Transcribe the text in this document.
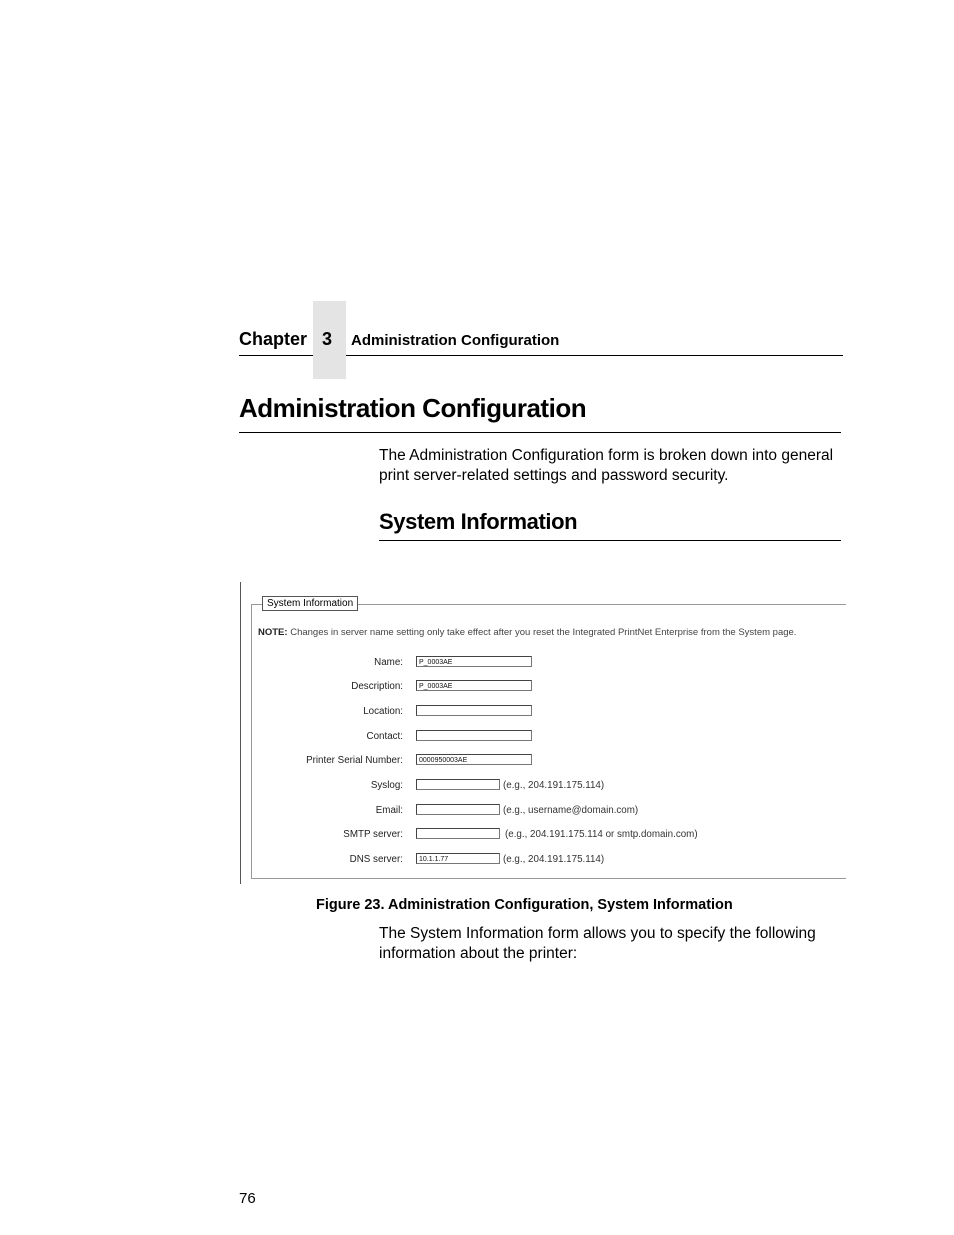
Chapter 3 Administration Configuration
Administration Configuration
The Administration Configuration form is broken down into general print server-related settings and password security.
System Information
System Information
NOTE: Changes in server name setting only take effect after you reset the Integrated PrintNet Enterprise from the System page.
Name:	P_0003AE
Description:	P_0003AE
Location:
Contact:
Printer Serial Number:	0000950003AE
Syslog:	(e.g., 204.191.175.114)
Email:	(e.g., username@domain.com)
SMTP server:	(e.g., 204.191.175.114 or smtp.domain.com)
DNS server:	10.1.1.77	(e.g., 204.191.175.114)
Figure 23. Administration Configuration, System Information
The System Information form allows you to specify the following information about the printer:
76
